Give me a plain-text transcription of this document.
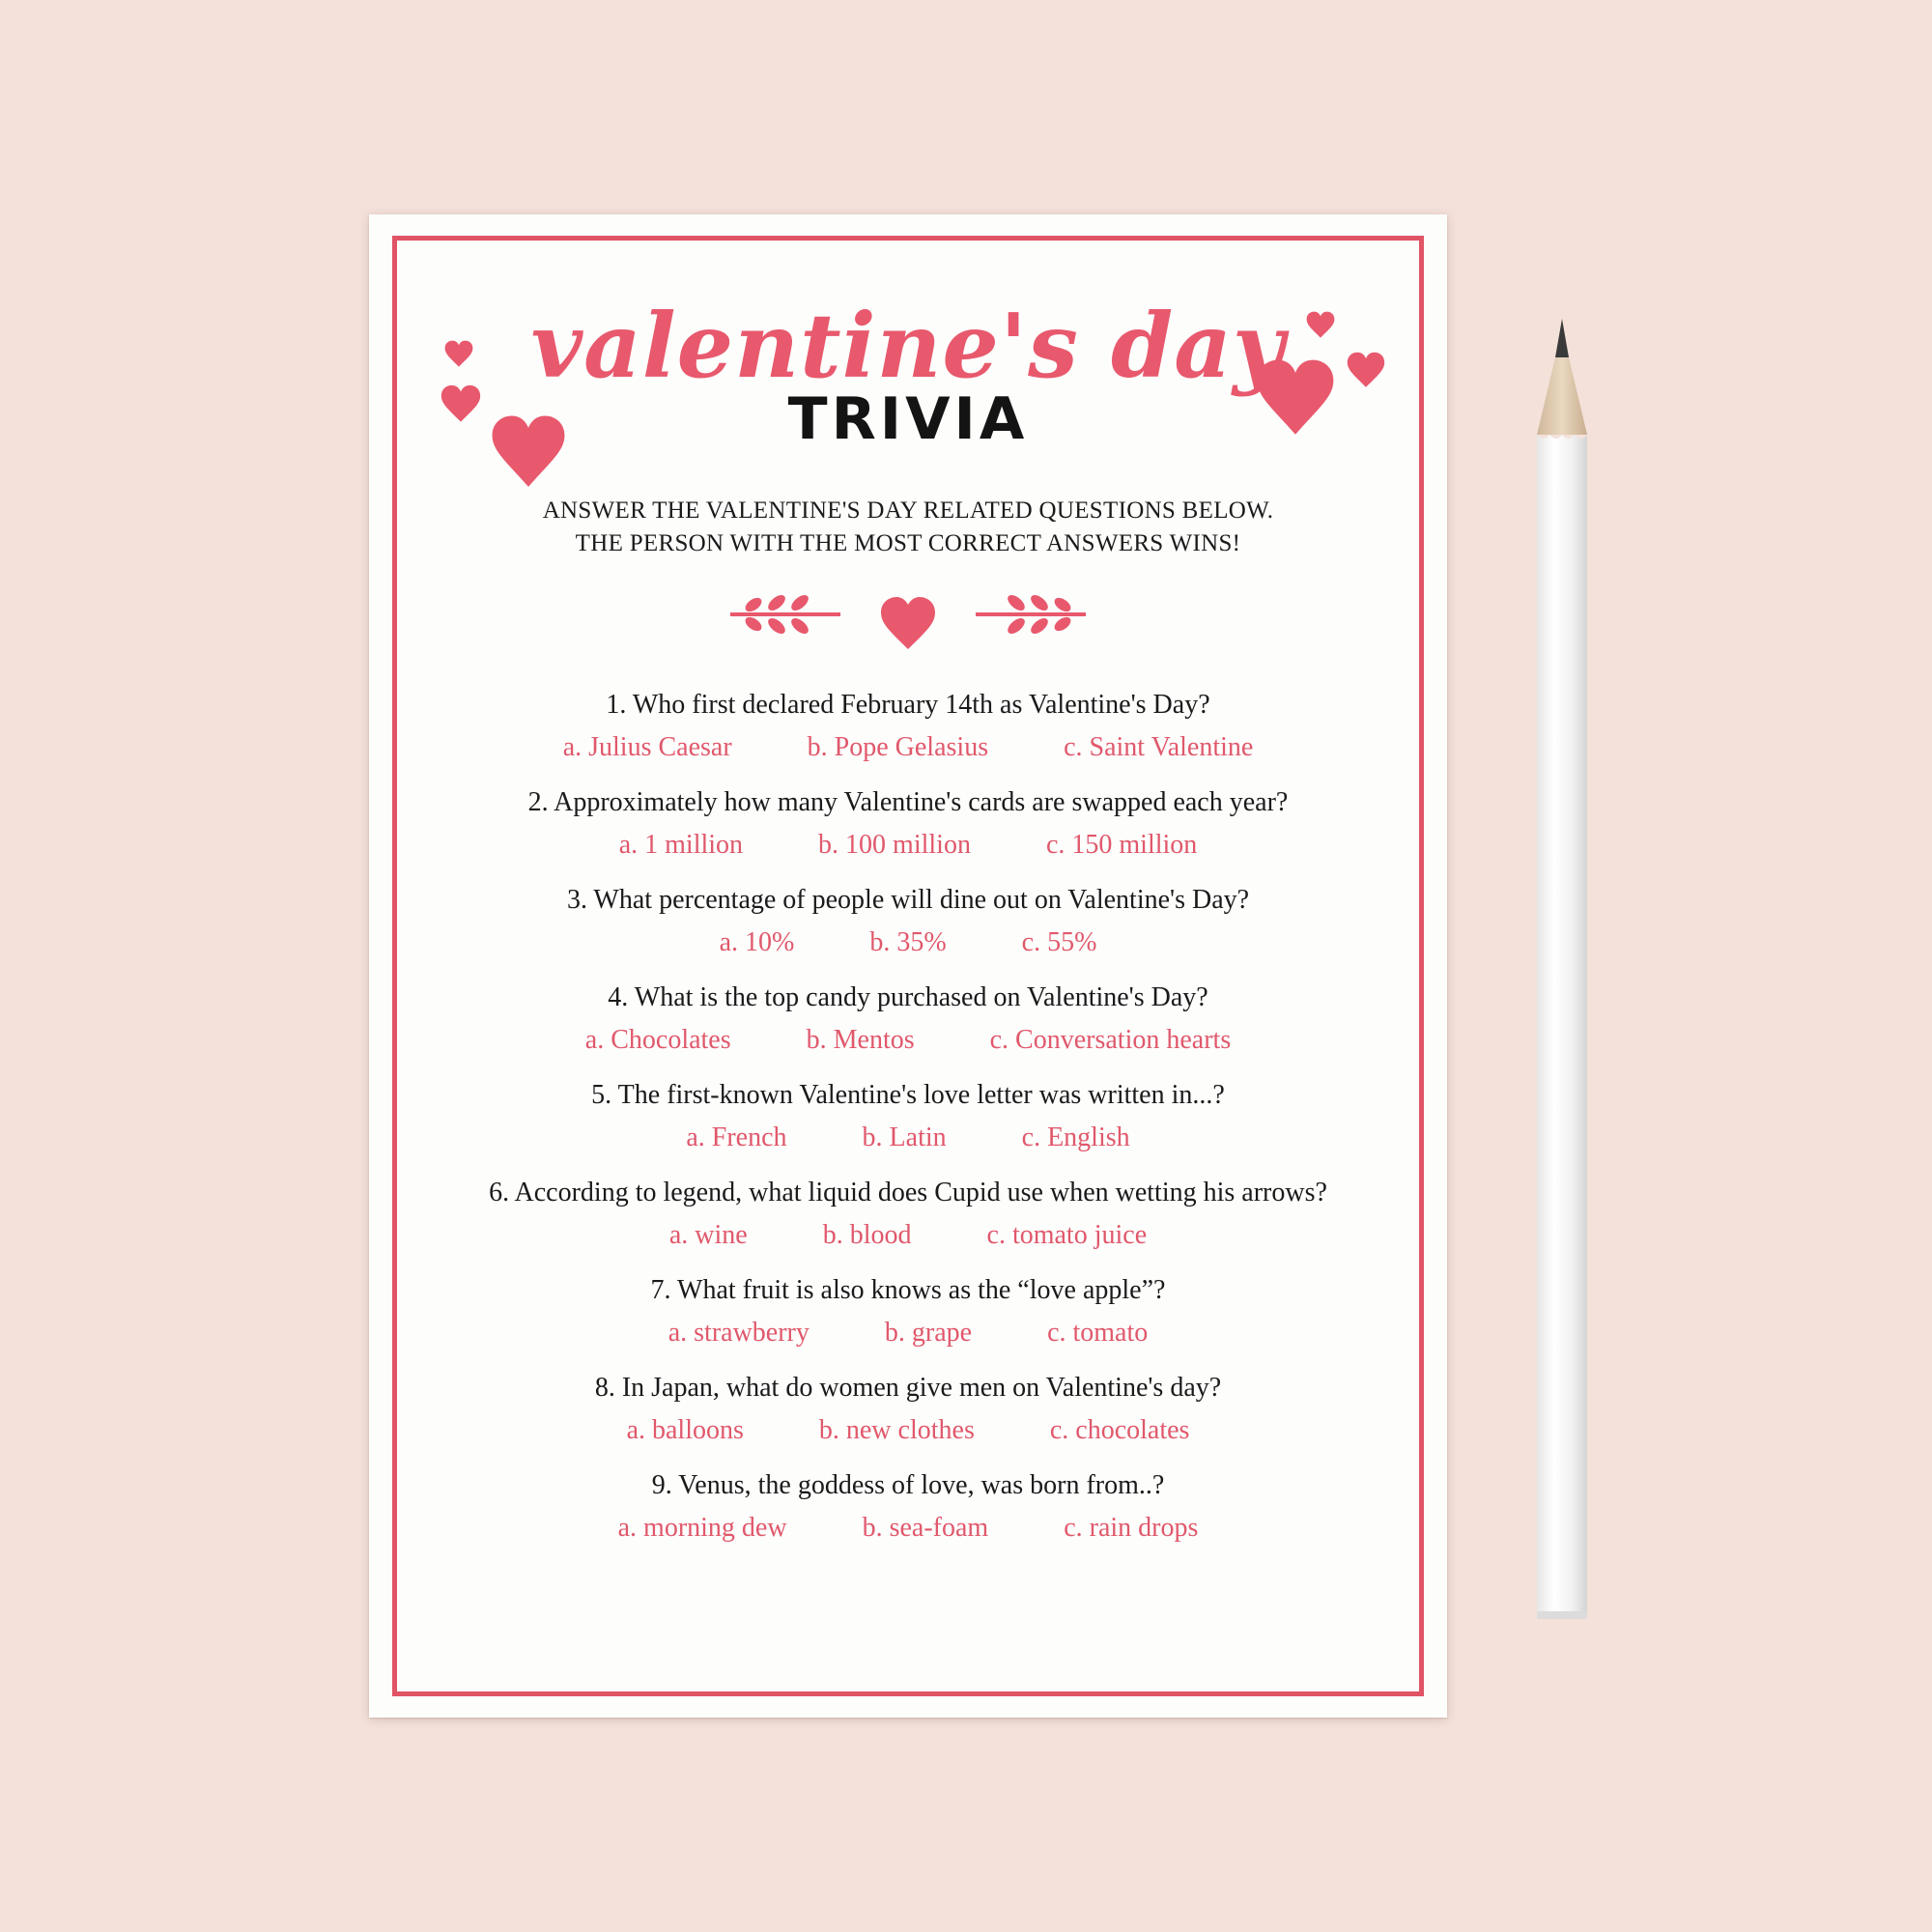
valentine's day
TRIVIA
ANSWER THE VALENTINE'S DAY RELATED QUESTIONS BELOW.
THE PERSON WITH THE MOST CORRECT ANSWERS WINS!
1. Who first declared February 14th as Valentine's Day?
a. Julius Caesar	b. Pope Gelasius	c. Saint Valentine
2. Approximately how many Valentine's cards are swapped each year?
a. 1 million	b. 100 million	c. 150 million
3. What percentage of people will dine out on Valentine's Day?
a. 10%	b. 35%	c. 55%
4. What is the top candy purchased on Valentine's Day?
a. Chocolates	b. Mentos	c. Conversation hearts
5. The first-known Valentine's love letter was written in...?
a. French	b. Latin	c. English
6. According to legend, what liquid does Cupid use when wetting his arrows?
a. wine	b. blood	c. tomato juice
7. What fruit is also knows as the “love apple”?
a. strawberry	b. grape	c. tomato
8. In Japan, what do women give men on Valentine's day?
a. balloons	b. new clothes	c. chocolates
9. Venus, the goddess of love, was born from..?
a. morning dew	b. sea-foam	c. rain drops
